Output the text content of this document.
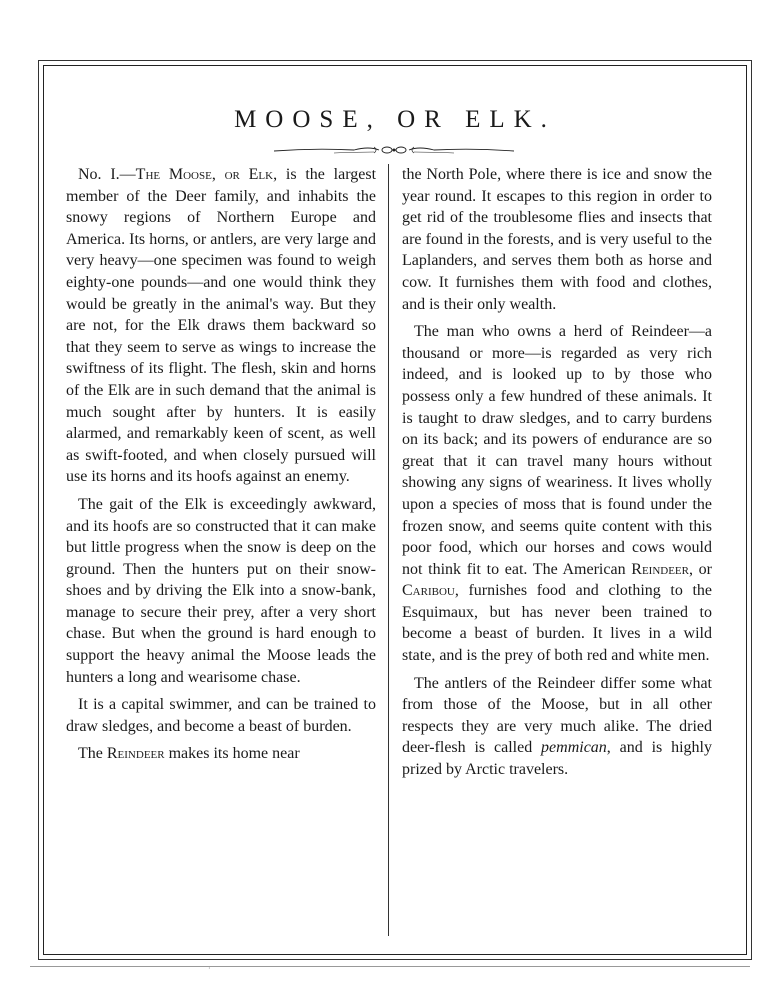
MOOSE, OR ELK.

No. I.—The Moose, or Elk, is the largest member of the Deer family, and inhabits the snowy regions of Northern Europe and America. Its horns, or antlers, are very large and very heavy—one specimen was found to weigh eighty-one pounds—and one would think they would be greatly in the animal's way. But they are not, for the Elk draws them backward so that they seem to serve as wings to increase the swiftness of its flight. The flesh, skin and horns of the Elk are in such demand that the animal is much sought after by hunters. It is easily alarmed, and remarkably keen of scent, as well as swift-footed, and when closely pursued will use its horns and its hoofs against an enemy.

The gait of the Elk is exceedingly awkward, and its hoofs are so constructed that it can make but little progress when the snow is deep on the ground. Then the hunters put on their snow-shoes and by driving the Elk into a snow-bank, manage to secure their prey, after a very short chase. But when the ground is hard enough to support the heavy animal the Moose leads the hunters a long and wearisome chase.

It is a capital swimmer, and can be trained to draw sledges, and become a beast of burden.

The Reindeer makes its home near

the North Pole, where there is ice and snow the year round. It escapes to this region in order to get rid of the troublesome flies and insects that are found in the forests, and is very useful to the Laplanders, and serves them both as horse and cow. It furnishes them with food and clothes, and is their only wealth.

The man who owns a herd of Reindeer—a thousand or more—is regarded as very rich indeed, and is looked up to by those who possess only a few hundred of these animals. It is taught to draw sledges, and to carry burdens on its back; and its powers of endurance are so great that it can travel many hours without showing any signs of weariness. It lives wholly upon a species of moss that is found under the frozen snow, and seems quite content with this poor food, which our horses and cows would not think fit to eat. The American Reindeer, or Caribou, furnishes food and clothing to the Esquimaux, but has never been trained to become a beast of burden. It lives in a wild state, and is the prey of both red and white men.

The antlers of the Reindeer differ some what from those of the Moose, but in all other respects they are very much alike. The dried deer-flesh is called pemmican, and is highly prized by Arctic travelers.

·
